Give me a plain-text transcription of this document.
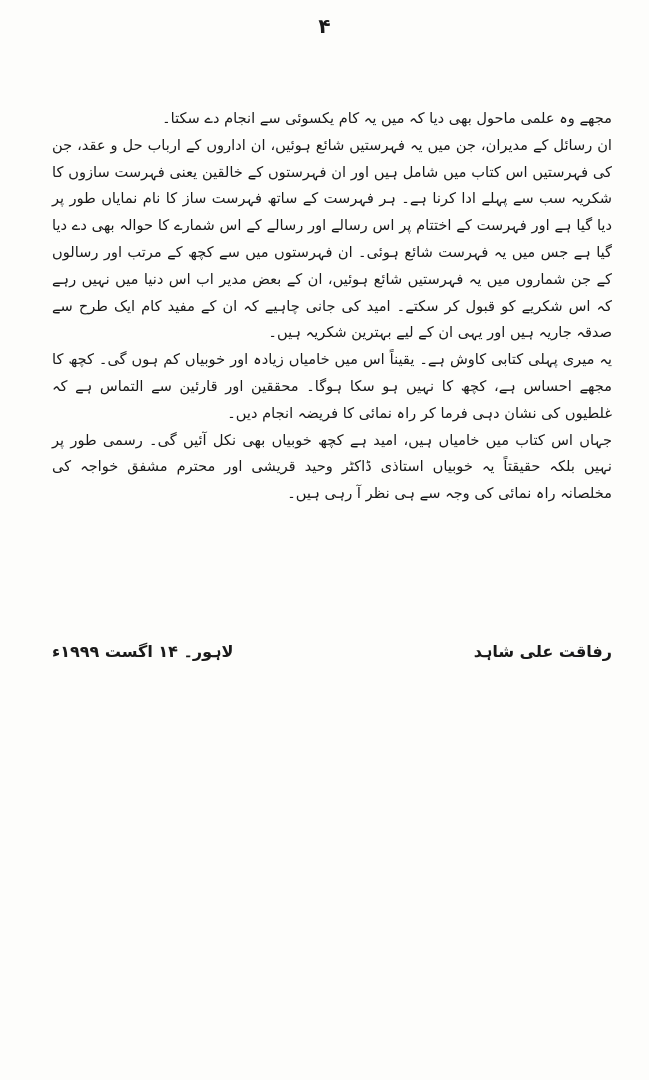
۴

مجھے وہ علمی ماحول بھی دیا کہ میں یہ کام یکسوئی سے انجام دے سکتا۔

ان رسائل کے مدیران، جن میں یہ فہرستیں شائع ہوئیں، ان اداروں کے ارباب حل و عقد، جن کی فہرستیں اس کتاب میں شامل ہیں اور ان فہرستوں کے خالقین یعنی فہرست سازوں کا شکریہ سب سے پہلے ادا کرنا ہے۔ ہر فہرست کے ساتھ فہرست ساز کا نام نمایاں طور پر دیا گیا ہے اور فہرست کے اختتام پر اس رسالے اور رسالے کے اس شمارے کا حوالہ بھی دے دیا گیا ہے جس میں یہ فہرست شائع ہوئی۔ ان فہرستوں میں سے کچھ کے مرتب اور رسالوں کے جن شماروں میں یہ فہرستیں شائع ہوئیں، ان کے بعض مدیر اب اس دنیا میں نہیں رہے کہ اس شکریے کو قبول کر سکتے۔ امید کی جانی چاہیے کہ ان کے مفید کام ایک طرح سے صدقہ جاریہ ہیں اور یہی ان کے لیے بہترین شکریہ ہیں۔

یہ میری پہلی کتابی کاوش ہے۔ یقیناً اس میں خامیاں زیادہ اور خوبیاں کم ہوں گی۔ کچھ کا مجھے احساس ہے، کچھ کا نہیں ہو سکا ہوگا۔ محققین اور قارئین سے التماس ہے کہ غلطیوں کی نشان دہی فرما کر راہ نمائی کا فریضہ انجام دیں۔

جہاں اس کتاب میں خامیاں ہیں، امید ہے کچھ خوبیاں بھی نکل آئیں گی۔ رسمی طور پر نہیں بلکہ حقیقتاً یہ خوبیاں استاذی ڈاکٹر وحید قریشی اور محترم مشفق خواجہ کی مخلصانہ راہ نمائی کی وجہ سے ہی نظر آ رہی ہیں۔

رفاقت علی شاہد
لاہور۔ ۱۴ اگست ۱۹۹۹ء
